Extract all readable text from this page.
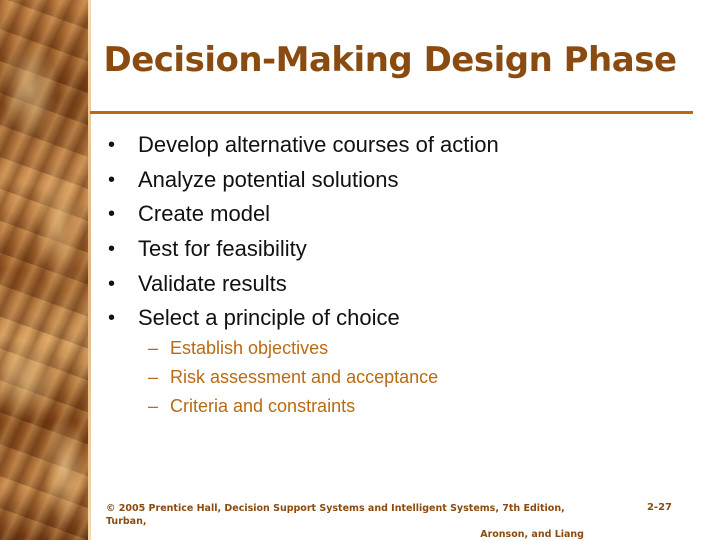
Decision-Making Design Phase
• Develop alternative courses of action
• Analyze potential solutions
• Create model
• Test for feasibility
• Validate results
• Select a principle of choice
– Establish objectives
– Risk assessment and acceptance
– Criteria and constraints
© 2005 Prentice Hall, Decision Support Systems and Intelligent Systems, 7th Edition, Turban,
Aronson, and Liang
2-27
